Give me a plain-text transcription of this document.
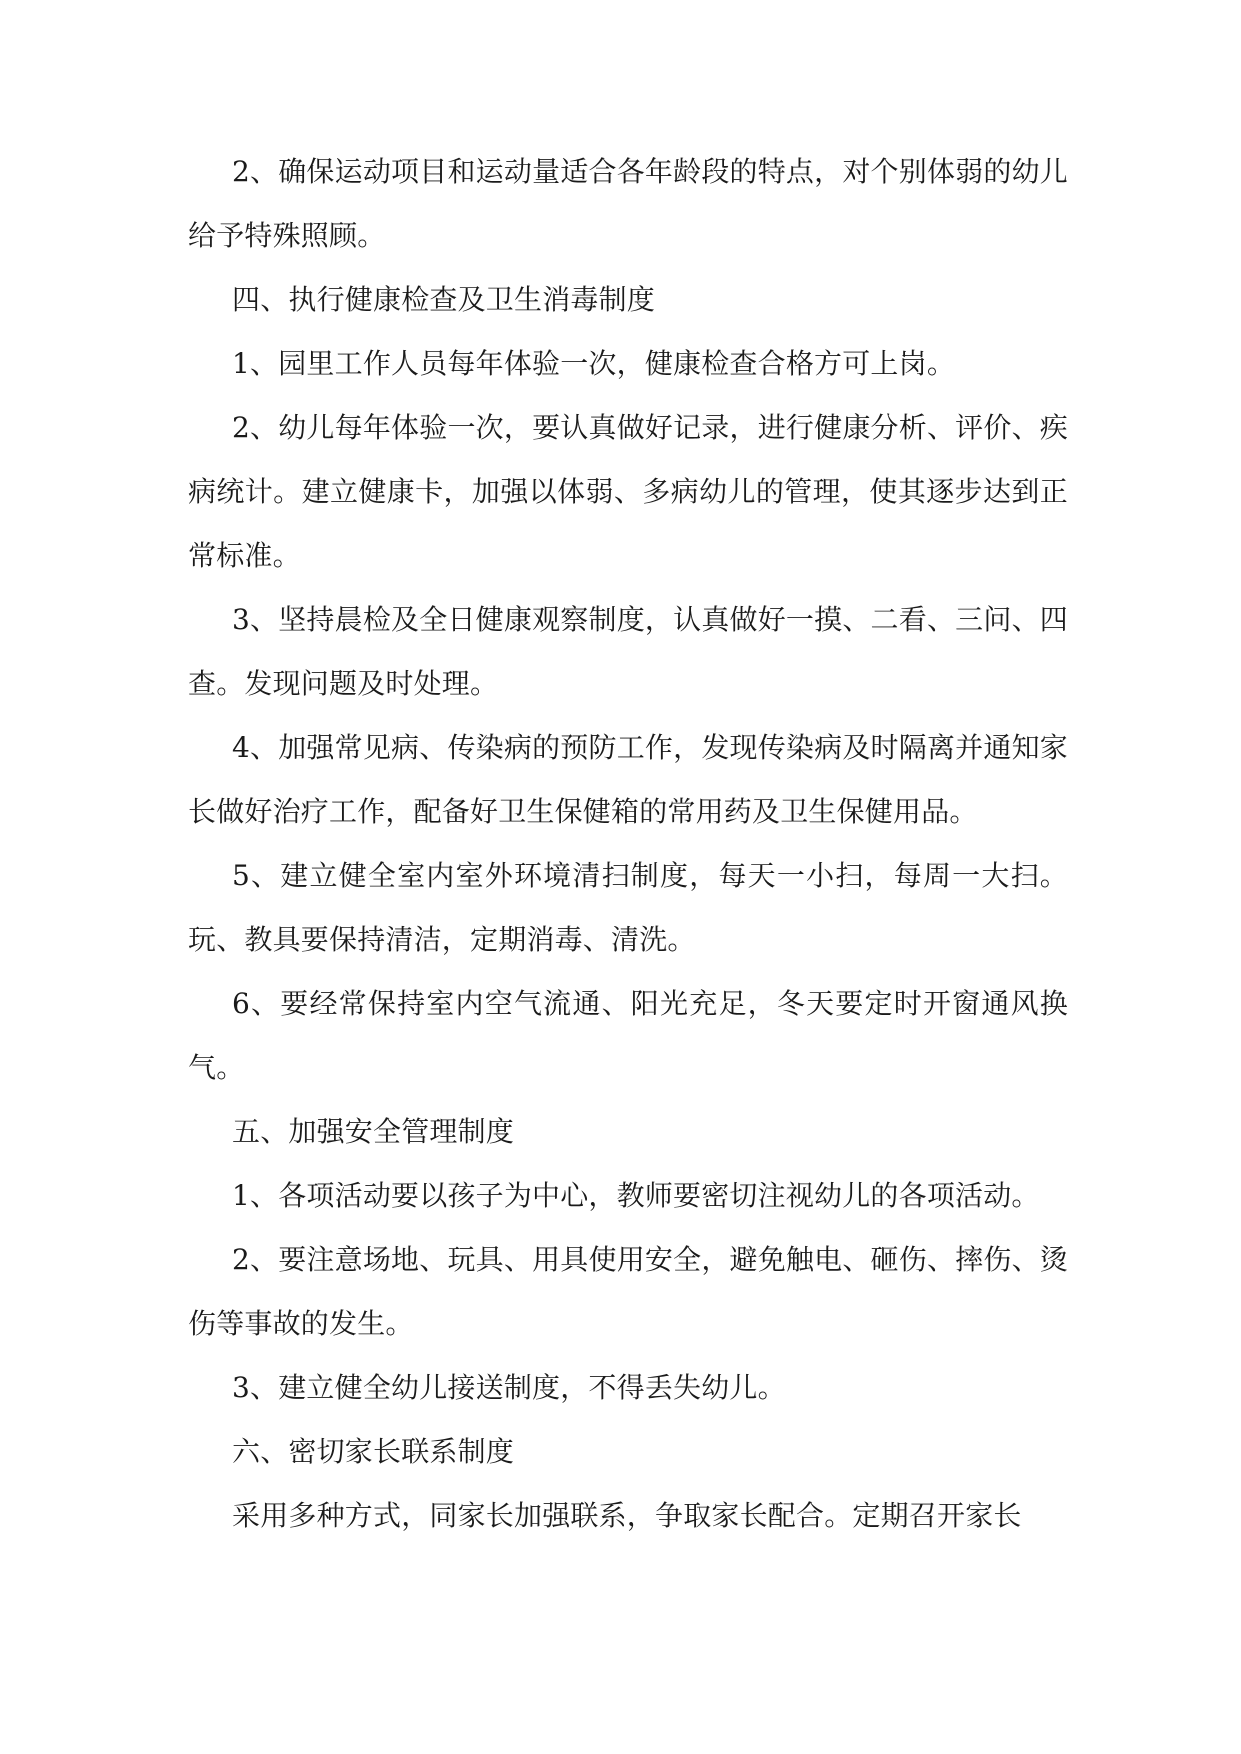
2、确保运动项目和运动量适合各年龄段的特点，对个别体弱的幼儿给予特殊照顾。

四、执行健康检查及卫生消毒制度

1、园里工作人员每年体验一次，健康检查合格方可上岗。

2、幼儿每年体验一次，要认真做好记录，进行健康分析、评价、疾病统计。建立健康卡，加强以体弱、多病幼儿的管理，使其逐步达到正常标准。

3、坚持晨检及全日健康观察制度，认真做好一摸、二看、三问、四查。发现问题及时处理。

4、加强常见病、传染病的预防工作，发现传染病及时隔离并通知家长做好治疗工作，配备好卫生保健箱的常用药及卫生保健用品。

5、建立健全室内室外环境清扫制度，每天一小扫，每周一大扫。玩、教具要保持清洁，定期消毒、清洗。

6、要经常保持室内空气流通、阳光充足，冬天要定时开窗通风换气。

五、加强安全管理制度

1、各项活动要以孩子为中心，教师要密切注视幼儿的各项活动。

2、要注意场地、玩具、用具使用安全，避免触电、砸伤、摔伤、烫伤等事故的发生。

3、建立健全幼儿接送制度，不得丢失幼儿。

六、密切家长联系制度

采用多种方式，同家长加强联系，争取家长配合。定期召开家长
